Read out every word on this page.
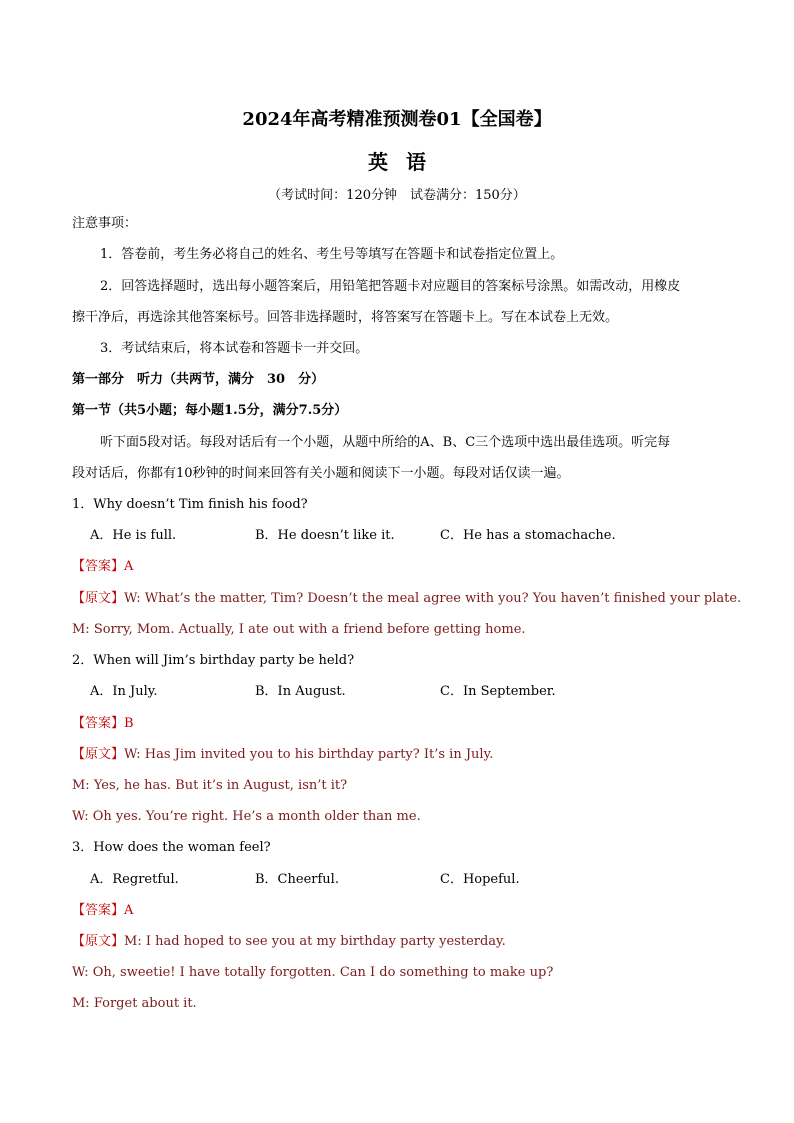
2024年高考精准预测卷01【全国卷】
英语
（考试时间：120分钟　试卷满分：150分）
注意事项：
1．答卷前，考生务必将自己的姓名、考生号等填写在答题卡和试卷指定位置上。
2．回答选择题时，选出每小题答案后，用铅笔把答题卡对应题目的答案标号涂黑。如需改动，用橡皮
擦干净后，再选涂其他答案标号。回答非选择题时，将答案写在答题卡上。写在本试卷上无效。
3．考试结束后，将本试卷和答题卡一并交回。
第一部分　听力（共两节，满分　30　分）
第一节（共5小题；每小题1.5分，满分7.5分）
听下面5段对话。每段对话后有一个小题，从题中所给的A、B、C三个选项中选出最佳选项。听完每
段对话后，你都有10秒钟的时间来回答有关小题和阅读下一小题。每段对话仅读一遍。
1．Why doesn’t Tim finish his food?
A．He is full.	B．He doesn’t like it.	C．He has a stomachache.
【答案】A
【原文】W: What’s the matter, Tim? Doesn’t the meal agree with you? You haven’t finished your plate.
M: Sorry, Mom. Actually, I ate out with a friend before getting home.
2．When will Jim’s birthday party be held?
A．In July.	B．In August.	C．In September.
【答案】B
【原文】W: Has Jim invited you to his birthday party? It’s in July.
M: Yes, he has. But it’s in August, isn’t it?
W: Oh yes. You’re right. He’s a month older than me.
3．How does the woman feel?
A．Regretful.	B．Cheerful.	C．Hopeful.
【答案】A
【原文】M: I had hoped to see you at my birthday party yesterday.
W: Oh, sweetie! I have totally forgotten. Can I do something to make up?
M: Forget about it.
